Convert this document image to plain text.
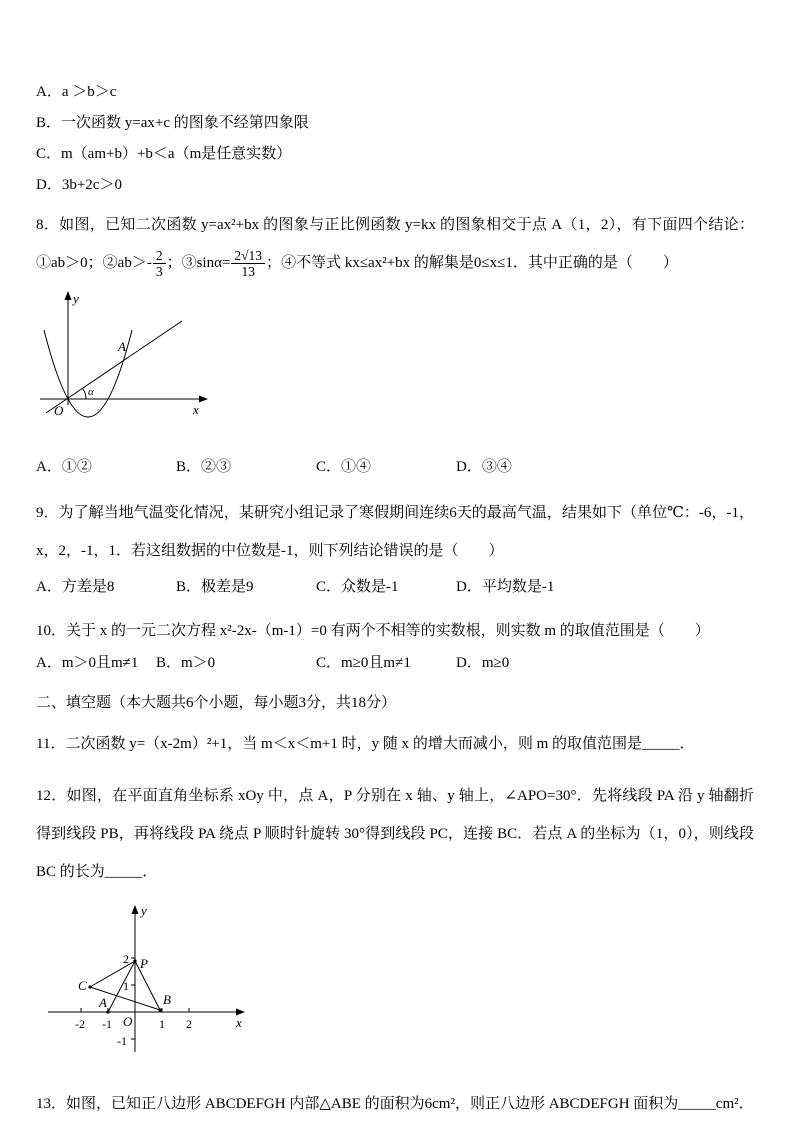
A．a ＞b＞c

B．一次函数 y=ax+c 的图象不经第四象限

C．m（am+b）+b＜a（m是任意实数）

D．3b+2c＞0

8．如图，已知二次函数 y=ax²+bx 的图象与正比例函数 y=kx 的图象相交于点 A（1，2），有下面四个结论：①ab＞0；②ab＞- $\frac{2}{3}$ ；③sinα= $\frac{2√13}{13}$ ；④不等式 kx≤ax²+bx 的解集是0≤x≤1．其中正确的是（　　）

y
x
O
A
α
A．①②	B．②③	C．①④	D．③④

9．为了解当地气温变化情况，某研究小组记录了寒假期间连续6天的最高气温，结果如下（单位℃：-6，-1，x，2，-1，1．若这组数据的中位数是-1，则下列结论错误的是（　　）

A．方差是8	B．极差是9	C．众数是-1	D．平均数是-1

10．关于 x 的一元二次方程 x²-2x-（m-1）=0 有两个不相等的实数根，则实数 m 的取值范围是（　　）

A．m＞0且m≠1	B．m＞0	C．m≥0且m≠1	D．m≥0

二、填空题（本大题共6个小题，每小题3分，共18分）

11．二次函数 y=（x-2m）²+1，当 m＜x＜m+1 时，y 随 x 的增大而减小，则 m 的取值范围是_____．

12．如图，在平面直角坐标系 xOy 中，点 A，P 分别在 x 轴、y 轴上，∠APO=30°．先将线段 PA 沿 y 轴翻折得到线段 PB，再将线段 PA 绕点 P 顺时针旋转 30°得到线段 PC，连接 BC．若点 A 的坐标为（1，0），则线段 BC 的长为_____．

y
x
O
-2 -1	1 2
2
1
-1
P
C
A	B

13．如图，已知正八边形 ABCDEFGH 内部△ABE 的面积为6cm²，则正八边形 ABCDEFGH 面积为_____cm²．
